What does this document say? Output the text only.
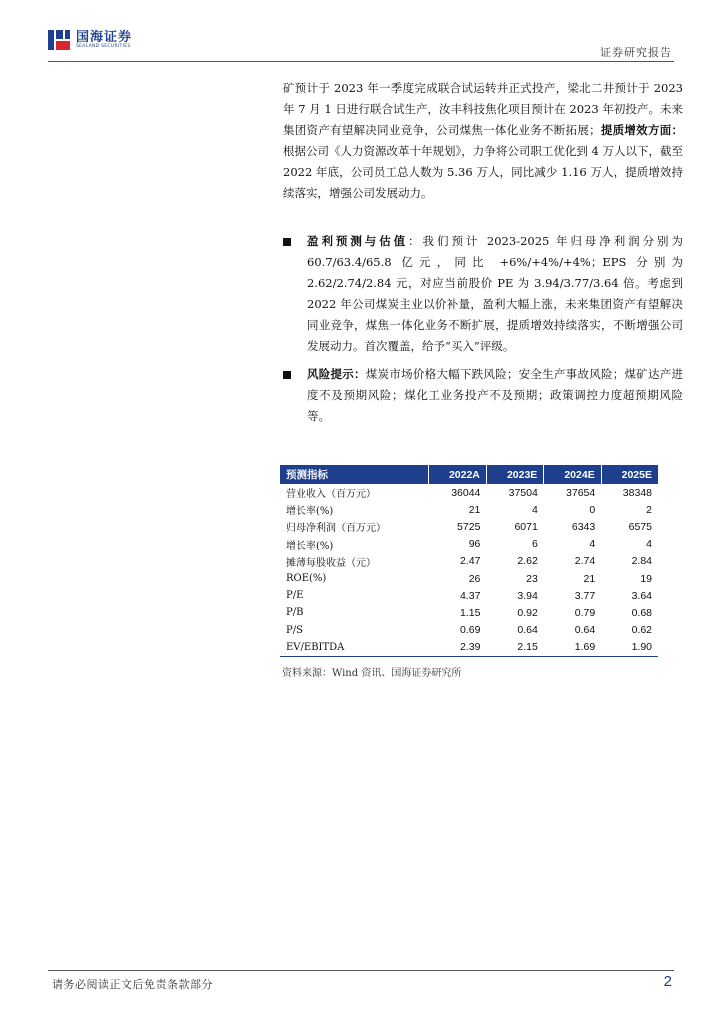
国海证券
SEALAND SECURITIES	证券研究报告

矿预计于 2023 年一季度完成联合试运转并正式投产，梁北二井预计于 2023 年 7 月 1 日进行联合试生产，汝丰科技焦化项目预计在 2023 年初投产。未来集团资产有望解决同业竞争，公司煤焦一体化业务不断拓展；提质增效方面：根据公司《人力资源改革十年规划》，力争将公司职工优化到 4 万人以下，截至 2022 年底，公司员工总人数为 5.36 万人，同比减少 1.16 万人，提质增效持续落实，增强公司发展动力。

盈利预测与估值：我们预计 2023-2025 年归母净利润分别为 60.7/63.4/65.8 亿元，同比 +6%/+4%/+4%；EPS 分别为 2.62/2.74/2.84 元，对应当前股价 PE 为 3.94/3.77/3.64 倍。考虑到 2022 年公司煤炭主业以价补量，盈利大幅上涨，未来集团资产有望解决同业竞争，煤焦一体化业务不断扩展，提质增效持续落实，不断增强公司发展动力。首次覆盖，给予“买入”评级。

风险提示：煤炭市场价格大幅下跌风险；安全生产事故风险；煤矿达产进度不及预期风险；煤化工业务投产不及预期；政策调控力度超预期风险等。

预测指标	2022A	2023E	2024E	2025E
营业收入（百万元）	36044	37504	37654	38348
增长率(%)	21	4	0	2
归母净利润（百万元）	5725	6071	6343	6575
增长率(%)	96	6	4	4
摊薄每股收益（元）	2.47	2.62	2.74	2.84
ROE(%)	26	23	21	19
P/E	4.37	3.94	3.77	3.64
P/B	1.15	0.92	0.79	0.68
P/S	0.69	0.64	0.64	0.62
EV/EBITDA	2.39	2.15	1.69	1.90
资料来源：Wind 资讯、国海证券研究所
请务必阅读正文后免责条款部分	2
